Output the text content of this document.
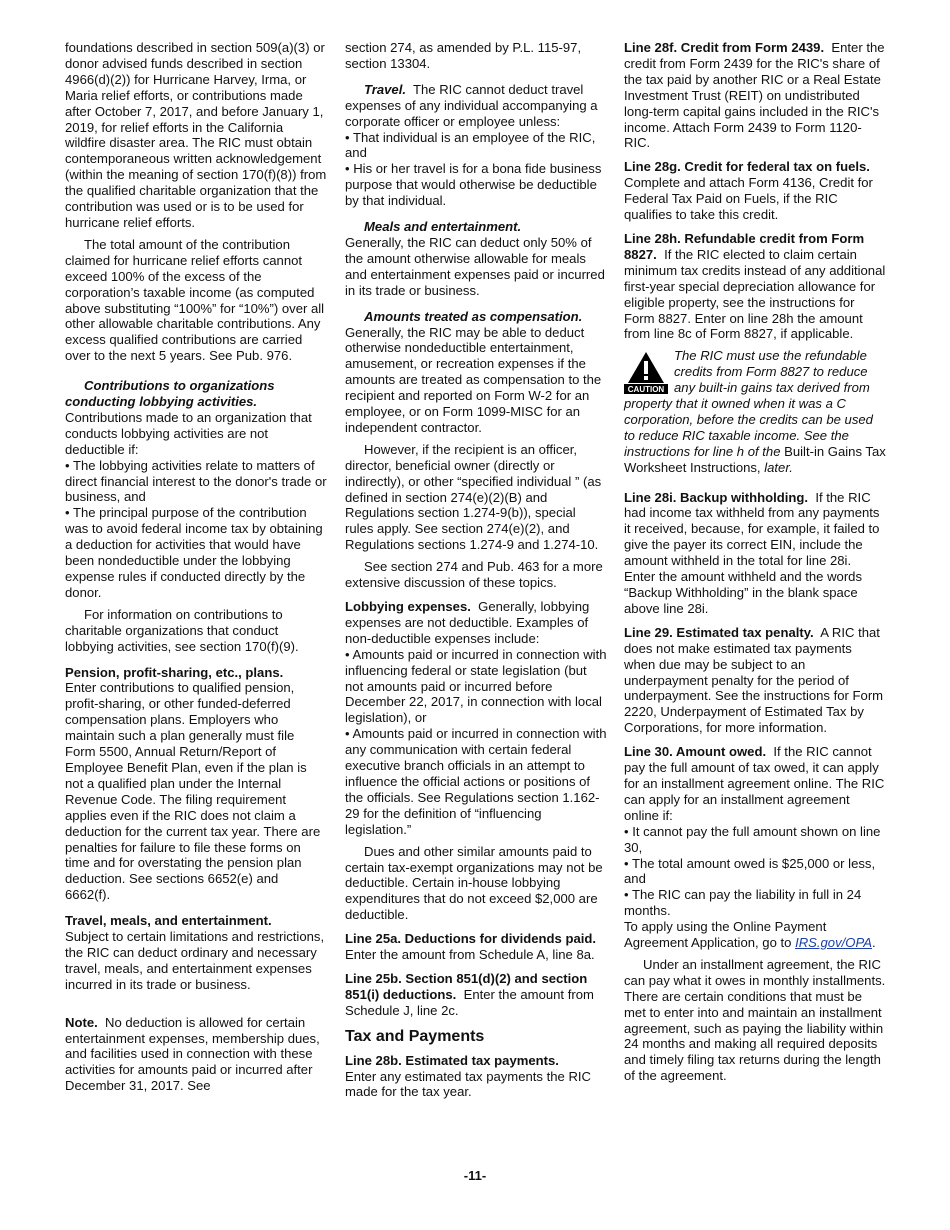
foundations described in section 509(a)(3) or donor advised funds described in section 4966(d)(2)) for Hurricane Harvey, Irma, or Maria relief efforts, or contributions made after October 7, 2017, and before January 1, 2019, for relief efforts in the California wildfire disaster area. The RIC must obtain contemporaneous written acknowledgement (within the meaning of section 170(f)(8)) from the qualified charitable organization that the contribution was used or is to be used for hurricane relief efforts.

The total amount of the contribution claimed for hurricane relief efforts cannot exceed 100% of the excess of the corporation’s taxable income (as computed above substituting “100%” for “10%”) over all other allowable charitable contributions. Any excess qualified contributions are carried over to the next 5 years. See Pub. 976.

Contributions to organizations conducting lobbying activities.

Contributions made to an organization that conducts lobbying activities are not deductible if:

• The lobbying activities relate to matters of direct financial interest to the donor's trade or business, and
• The principal purpose of the contribution was to avoid federal income tax by obtaining a deduction for activities that would have been nondeductible under the lobbying expense rules if conducted directly by the donor.

For information on contributions to charitable organizations that conduct lobbying activities, see section 170(f)(9).

Pension, profit-sharing, etc., plans.
Enter contributions to qualified pension, profit-sharing, or other funded-deferred compensation plans. Employers who maintain such a plan generally must file Form 5500, Annual Return/Report of Employee Benefit Plan, even if the plan is not a qualified plan under the Internal Revenue Code. The filing requirement applies even if the RIC does not claim a deduction for the current tax year. There are penalties for failure to file these forms on time and for overstating the pension plan deduction. See sections 6652(e) and 6662(f).

Travel, meals, and entertainment.
Subject to certain limitations and restrictions, the RIC can deduct ordinary and necessary travel, meals, and entertainment expenses incurred in its trade or business.

Note. No deduction is allowed for certain entertainment expenses, membership dues, and facilities used in connection with these activities for amounts paid or incurred after December 31, 2017. See

section 274, as amended by P.L. 115-97, section 13304.

Travel. The RIC cannot deduct travel expenses of any individual accompanying a corporate officer or employee unless:

• That individual is an employee of the RIC, and
• His or her travel is for a bona fide business purpose that would otherwise be deductible by that individual.

Meals and entertainment.

Generally, the RIC can deduct only 50% of the amount otherwise allowable for meals and entertainment expenses paid or incurred in its trade or business.

Amounts treated as compensation.

Generally, the RIC may be able to deduct otherwise nondeductible entertainment, amusement, or recreation expenses if the amounts are treated as compensation to the recipient and reported on Form W-2 for an employee, or on Form 1099-MISC for an independent contractor.

However, if the recipient is an officer, director, beneficial owner (directly or indirectly), or other “specified individual ” (as defined in section 274(e)(2)(B) and Regulations section 1.274-9(b)), special rules apply. See section 274(e)(2), and Regulations sections 1.274-9 and 1.274-10.

See section 274 and Pub. 463 for a more extensive discussion of these topics.

Lobbying expenses. Generally, lobbying expenses are not deductible. Examples of non-deductible expenses include:

• Amounts paid or incurred in connection with influencing federal or state legislation (but not amounts paid or incurred before December 22, 2017, in connection with local legislation), or
• Amounts paid or incurred in connection with any communication with certain federal executive branch officials in an attempt to influence the official actions or positions of the officials. See Regulations section 1.162-29 for the definition of “influencing legislation.”

Dues and other similar amounts paid to certain tax-exempt organizations may not be deductible. Certain in-house lobbying expenditures that do not exceed $2,000 are deductible.

Line 25a. Deductions for dividends paid.  Enter the amount from Schedule A, line 8a.

Line 25b. Section 851(d)(2) and section 851(i) deductions. Enter the amount from Schedule J, line 2c.

Tax and Payments

Line 28b. Estimated tax payments.
Enter any estimated tax payments the RIC made for the tax year.

Line 28f. Credit from Form 2439. Enter the credit from Form 2439 for the RIC's share of the tax paid by another RIC or a Real Estate Investment Trust (REIT) on undistributed long-term capital gains included in the RIC's income. Attach Form 2439 to Form 1120-RIC.

Line 28g. Credit for federal tax on fuels.  Complete and attach Form 4136, Credit for Federal Tax Paid on Fuels, if the RIC qualifies to take this credit.

Line 28h. Refundable credit from Form 8827. If the RIC elected to claim certain minimum tax credits instead of any additional first-year special depreciation allowance for eligible property, see the instructions for Form 8827. Enter on line 28h the amount from line 8c of Form 8827, if applicable.

CAUTION
The RIC must use the refundable credits from Form 8827 to reduce any built-in gains tax derived from property that it owned when it was a C corporation, before the credits can be used to reduce RIC taxable income. See the instructions for line h of the Built-in Gains Tax Worksheet Instructions, later.

Line 28i. Backup withholding. If the RIC had income tax withheld from any payments it received, because, for example, it failed to give the payer its correct EIN, include the amount withheld in the total for line 28i. Enter the amount withheld and the words “Backup Withholding” in the blank space above line 28i.

Line 29. Estimated tax penalty. A RIC that does not make estimated tax payments when due may be subject to an underpayment penalty for the period of underpayment. See the instructions for Form 2220, Underpayment of Estimated Tax by Corporations, for more information.

Line 30. Amount owed. If the RIC cannot pay the full amount of tax owed, it can apply for an installment agreement online. The RIC can apply for an installment agreement online if:

• It cannot pay the full amount shown on line 30,
• The total amount owed is $25,000 or less, and
• The RIC can pay the liability in full in 24 months.

To apply using the Online Payment Agreement Application, go to IRS.gov/OPA.

Under an installment agreement, the RIC can pay what it owes in monthly installments. There are certain conditions that must be met to enter into and maintain an installment agreement, such as paying the liability within 24 months and making all required deposits and timely filing tax returns during the length of the agreement.

-11-
